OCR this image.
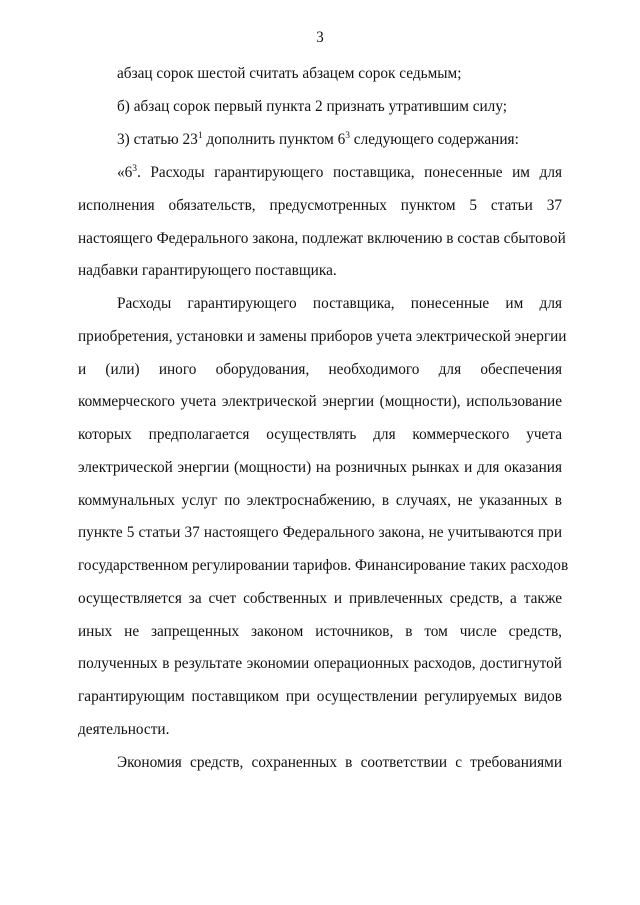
3
абзац сорок шестой считать абзацем сорок седьмым;
б) абзац сорок первый пункта 2 признать утратившим силу;
3) статью $23^1$ дополнить пунктом $6^3$ следующего содержания:
«$6^3$. Расходы гарантирующего поставщика, понесенные им для
исполнения обязательств, предусмотренных пунктом 5 статьи 37
настоящего Федерального закона, подлежат включению в состав сбытовой
надбавки гарантирующего поставщика.
Расходы гарантирующего поставщика, понесенные им для
приобретения, установки и замены приборов учета электрической энергии
и (или) иного оборудования, необходимого для обеспечения
коммерческого учета электрической энергии (мощности), использование
которых предполагается осуществлять для коммерческого учета
электрической энергии (мощности) на розничных рынках и для оказания
коммунальных услуг по электроснабжению, в случаях, не указанных в
пункте 5 статьи 37 настоящего Федерального закона, не учитываются при
государственном регулировании тарифов. Финансирование таких расходов
осуществляется за счет собственных и привлеченных средств, а также
иных не запрещенных законом источников, в том числе средств,
полученных в результате экономии операционных расходов, достигнутой
гарантирующим поставщиком при осуществлении регулируемых видов
деятельности.
Экономия средств, сохраненных в соответствии с требованиями
